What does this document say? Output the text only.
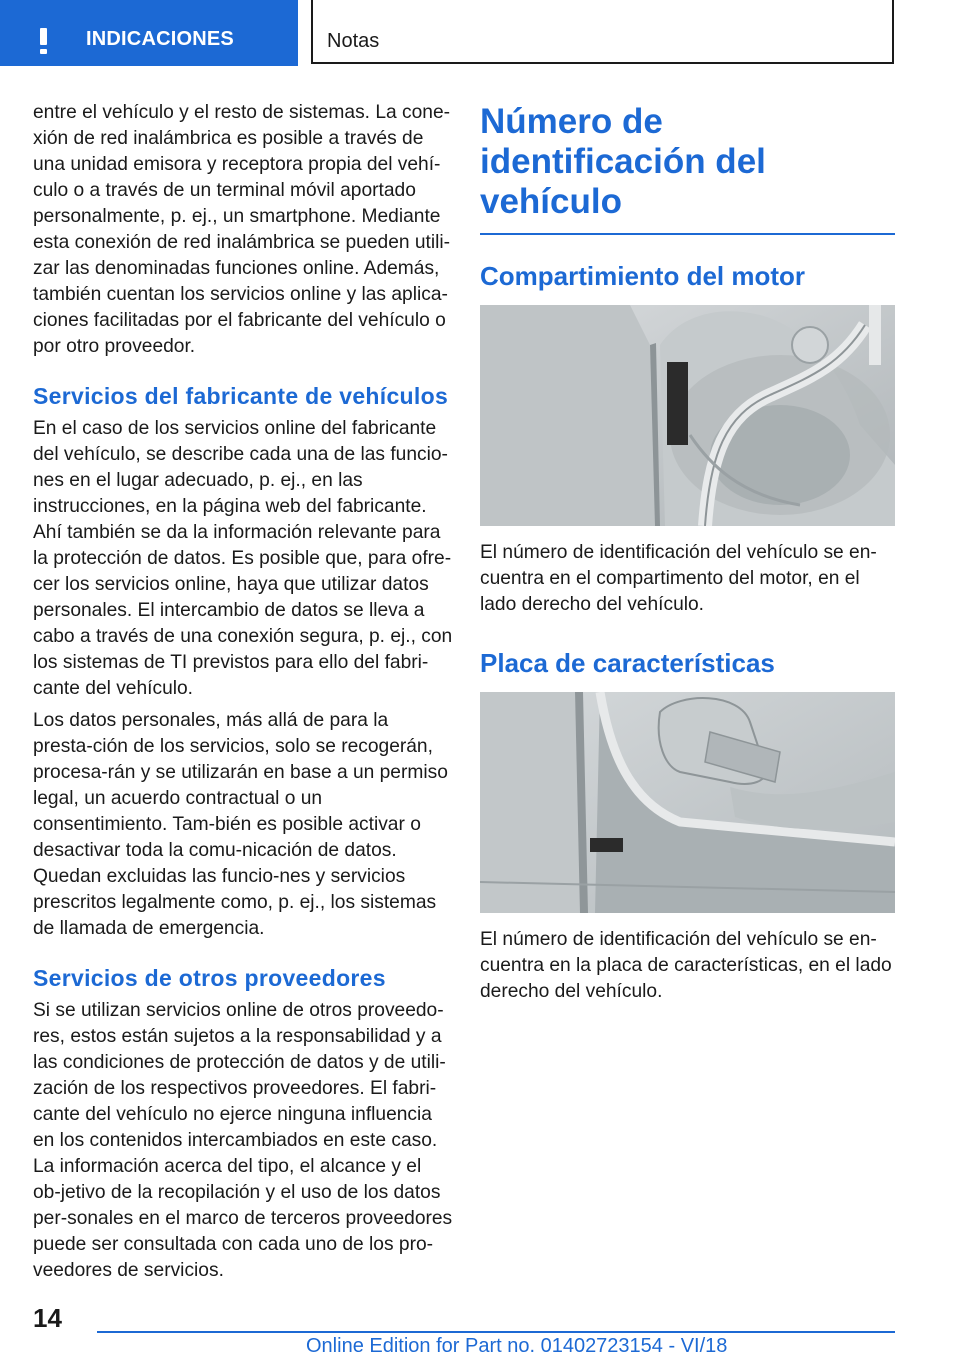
INDICACIONES	Notas

entre el vehículo y el resto de sistemas. La cone-xión de red inalámbrica es posible a través de una unidad emisora y receptora propia del vehí-culo o a través de un terminal móvil aportado personalmente, p. ej., un smartphone. Mediante esta conexión de red inalámbrica se pueden utili-zar las denominadas funciones online. Además, también cuentan los servicios online y las aplica-ciones facilitadas por el fabricante del vehículo o por otro proveedor.

Servicios del fabricante de vehículos

En el caso de los servicios online del fabricante del vehículo, se describe cada una de las funcio-nes en el lugar adecuado, p. ej., en las instrucciones, en la página web del fabricante. Ahí también se da la información relevante para la protección de datos. Es posible que, para ofre-cer los servicios online, haya que utilizar datos personales. El intercambio de datos se lleva a cabo a través de una conexión segura, p. ej., con los sistemas de TI previstos para ello del fabri-cante del vehículo.

Los datos personales, más allá de para la presta-ción de los servicios, solo se recogerán, procesa-rán y se utilizarán en base a un permiso legal, un acuerdo contractual o un consentimiento. Tam-bién es posible activar o desactivar toda la comu-nicación de datos. Quedan excluidas las funcio-nes y servicios prescritos legalmente como, p. ej., los sistemas de llamada de emergencia.

Servicios de otros proveedores

Si se utilizan servicios online de otros proveedo-res, estos están sujetos a la responsabilidad y a las condiciones de protección de datos y de utili-zación de los respectivos proveedores. El fabri-cante del vehículo no ejerce ninguna influencia en los contenidos intercambiados en este caso. La información acerca del tipo, el alcance y el ob-jetivo de la recopilación y el uso de los datos per-sonales en el marco de terceros proveedores puede ser consultada con cada uno de los pro-veedores de servicios.

Número de identificación del vehículo
Compartimiento del motor

El número de identificación del vehículo se en-cuentra en el compartimento del motor, en el lado derecho del vehículo.

Placa de características

El número de identificación del vehículo se en-cuentra en la placa de características, en el lado derecho del vehículo.

14
Online Edition for Part no. 01402723154 - VI/18
